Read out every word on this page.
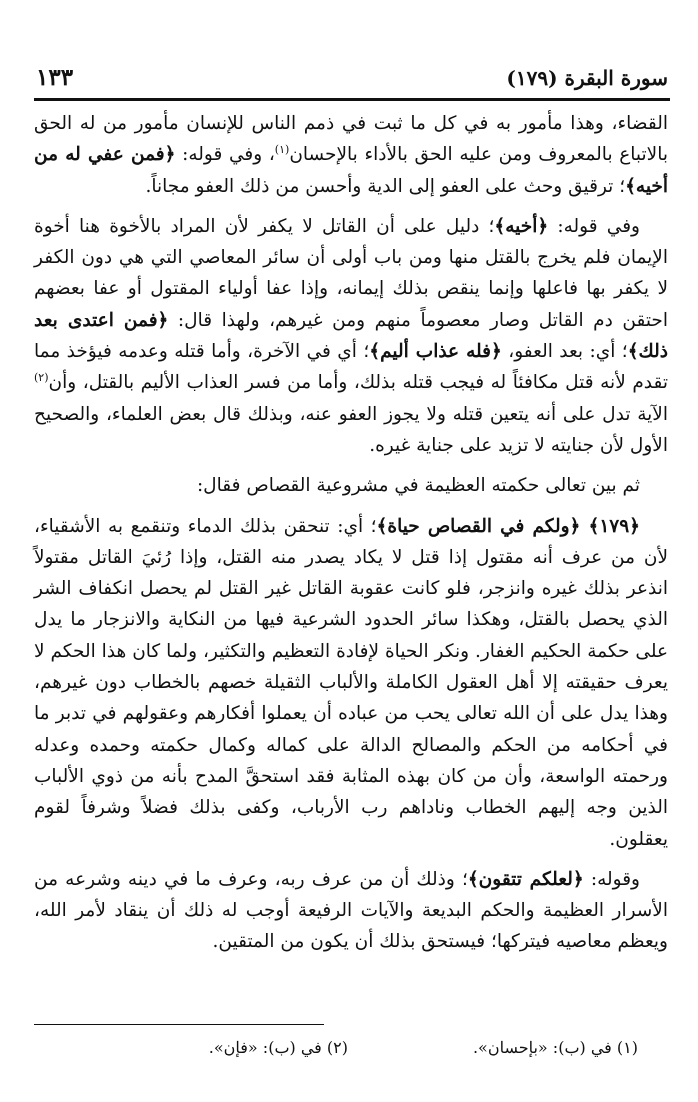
سورة البقرة (١٧٩)
١٣٣

القضاء، وهذا مأمور به في كل ما ثبت في ذمم الناس للإنسان مأمور من له الحق بالاتباع بالمعروف ومن عليه الحق بالأداء بالإحسان$^{(١)}$، وفي قوله: ﴿فمن عفي له من أخيه﴾؛ ترقيق وحث على العفو إلى الدية وأحسن من ذلك العفو مجاناً.

وفي قوله: ﴿أخيه﴾؛ دليل على أن القاتل لا يكفر لأن المراد بالأخوة هنا أخوة الإيمان فلم يخرج بالقتل منها ومن باب أولى أن سائر المعاصي التي هي دون الكفر لا يكفر بها فاعلها وإنما ينقص بذلك إيمانه، وإذا عفا أولياء المقتول أو عفا بعضهم احتقن دم القاتل وصار معصوماً منهم ومن غيرهم، ولهذا قال: ﴿فمن اعتدى بعد ذلك﴾؛ أي: بعد العفو، ﴿فله عذاب أليم﴾؛ أي في الآخرة، وأما قتله وعدمه فيؤخذ مما تقدم لأنه قتل مكافئاً له فيجب قتله بذلك، وأما من فسر العذاب الأليم بالقتل، وأن$^{(٢)}$ الآية تدل على أنه يتعين قتله ولا يجوز العفو عنه، وبذلك قال بعض العلماء، والصحيح الأول لأن جنايته لا تزيد على جناية غيره.

ثم بين تعالى حكمته العظيمة في مشروعية القصاص فقال:

﴿١٧٩﴾ ﴿ولكم في القصاص حياة﴾؛ أي: تنحقن بذلك الدماء وتنقمع به الأشقياء، لأن من عرف أنه مقتول إذا قتل لا يكاد يصدر منه القتل، وإذا رُئيَ القاتل مقتولاً انذعر بذلك غيره وانزجر، فلو كانت عقوبة القاتل غير القتل لم يحصل انكفاف الشر الذي يحصل بالقتل، وهكذا سائر الحدود الشرعية فيها من النكاية والانزجار ما يدل على حكمة الحكيم الغفار. ونكر الحياة لإفادة التعظيم والتكثير، ولما كان هذا الحكم لا يعرف حقيقته إلا أهل العقول الكاملة والألباب الثقيلة خصهم بالخطاب دون غيرهم، وهذا يدل على أن الله تعالى يحب من عباده أن يعملوا أفكارهم وعقولهم في تدبر ما في أحكامه من الحكم والمصالح الدالة على كماله وكمال حكمته وحمده وعدله ورحمته الواسعة، وأن من كان بهذه المثابة فقد استحقَّ المدح بأنه من ذوي الألباب الذين وجه إليهم الخطاب وناداهم رب الأرباب، وكفى بذلك فضلاً وشرفاً لقوم يعقلون.

وقوله: ﴿لعلكم تتقون﴾؛ وذلك أن من عرف ربه، وعرف ما في دينه وشرعه من الأسرار العظيمة والحكم البديعة والآيات الرفيعة أوجب له ذلك أن ينقاد لأمر الله، ويعظم معاصيه فيتركها؛ فيستحق بذلك أن يكون من المتقين.

(١) في (ب): «بإحسان».
(٢) في (ب): «فإن».
